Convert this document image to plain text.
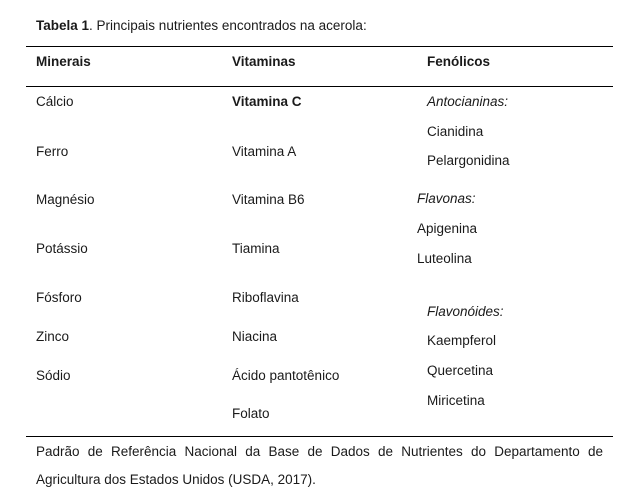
Tabela 1. Principais nutrientes encontrados na acerola:
Minerais	Vitaminas	Fenólicos
Cálcio
Ferro
Magnésio
Potássio
Fósforo
Zinco
Sódio
Vitamina C
Vitamina A
Vitamina B6
Tiamina
Riboflavina
Niacina
Ácido pantotênico
Folato
Antocianinas:
Cianidina
Pelargonidina
Flavonas:
Apigenina
Luteolina
Flavonóides:
Kaempferol
Quercetina
Miricetina
Padrão de Referência Nacional da Base de Dados de Nutrientes do Departamento de Agricultura dos Estados Unidos (USDA, 2017).
